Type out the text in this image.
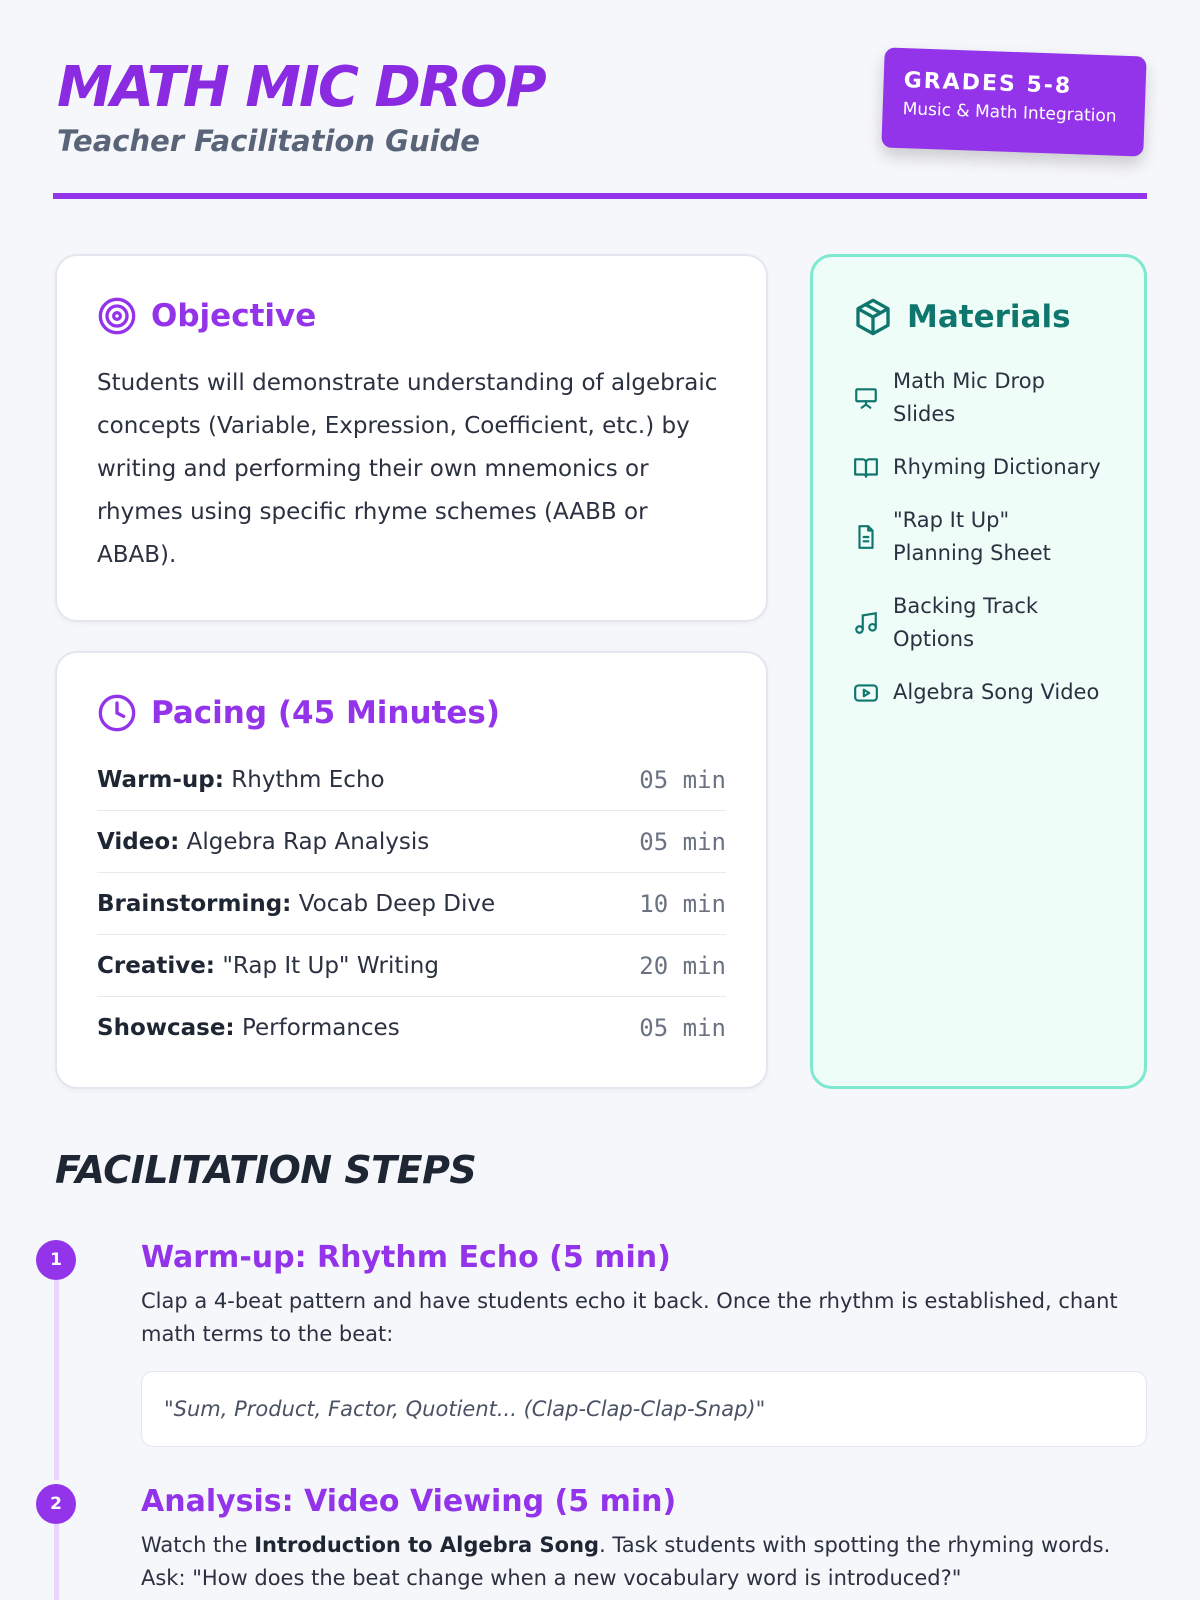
MATH MIC DROP
Teacher Facilitation Guide
GRADES 5-8
Music & Math Integration
Objective

Students will demonstrate understanding of algebraic concepts (Variable, Expression, Coefficient, etc.) by writing and performing their own mnemonics or rhymes using specific rhyme schemes (AABB or ABAB).

Pacing (45 Minutes)
Warm-up: Rhythm Echo	05 min
Video: Algebra Rap Analysis	05 min
Brainstorming: Vocab Deep Dive	10 min
Creative: "Rap It Up" Writing	20 min
Showcase: Performances	05 min
Materials
Math Mic Drop Slides
Rhyming Dictionary
"Rap It Up" Planning Sheet
Backing Track Options
Algebra Song Video
FACILITATION STEPS
1	Warm-up: Rhythm Echo (5 min)
Clap a 4-beat pattern and have students echo it back. Once the rhythm is established, chant math terms to the beat:
"Sum, Product, Factor, Quotient... (Clap-Clap-Clap-Snap)"
2	Analysis: Video Viewing (5 min)
Watch the Introduction to Algebra Song. Task students with spotting the rhyming words. Ask: "How does the beat change when a new vocabulary word is introduced?"
